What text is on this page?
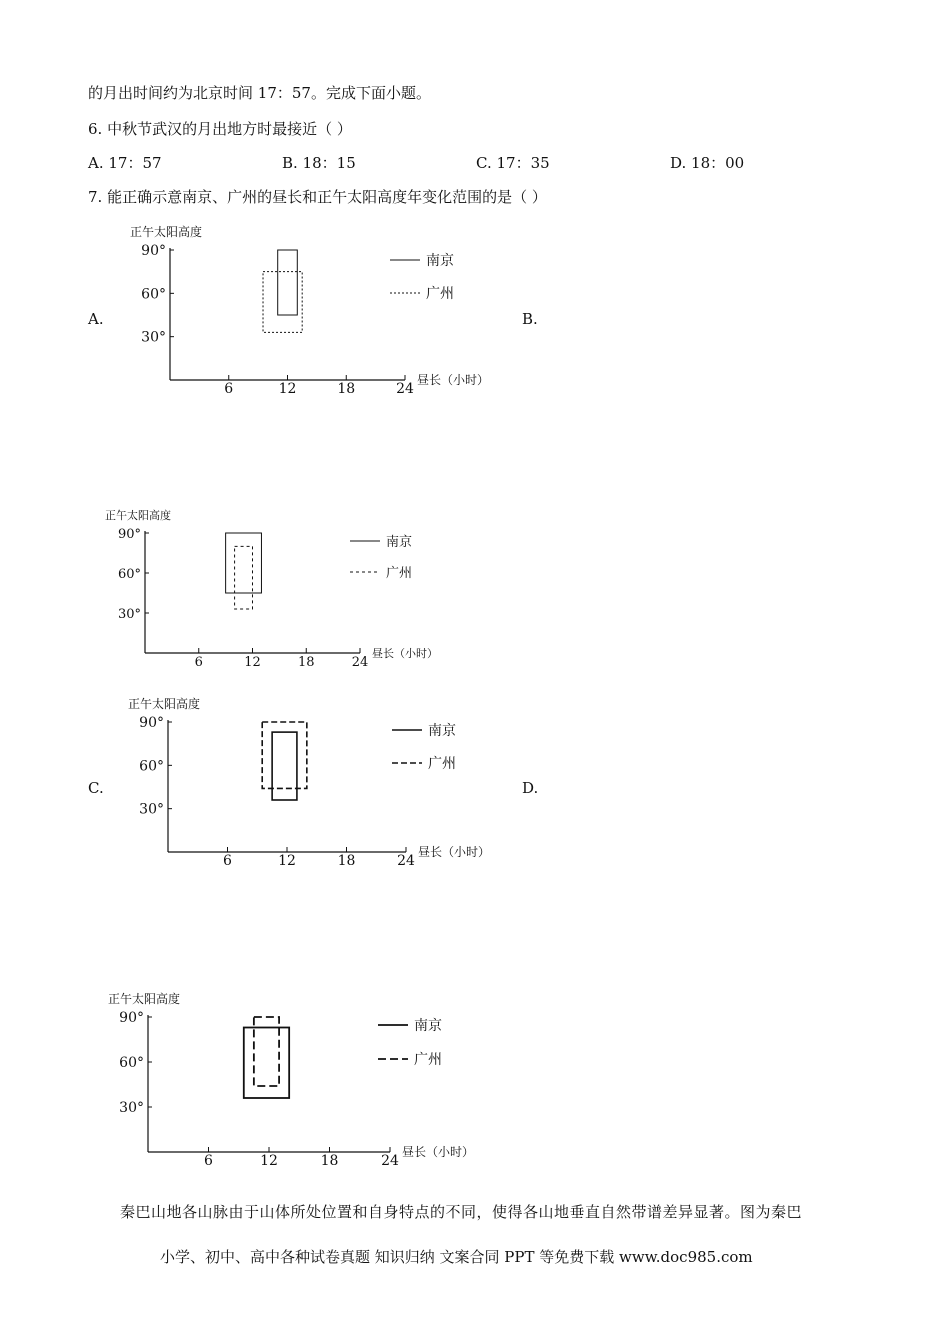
的月出时间约为北京时间 17：57。完成下面小题。
6. 中秋节武汉的月出地方时最接近（ ）
A. 17：57	B. 18：15	C. 17：35	D. 18：00
7. 能正确示意南京、广州的昼长和正午太阳高度年变化范围的是（ ）
A.	B.
C.	D.
正午太阳高度
30°
60°
90°
6	12	18	24
昼长（小时）
南京
广州
正午太阳高度
30°
60°
90°
6	12	18	24
昼长（小时）
南京
广州
正午太阳高度
30°
60°
90°
6	12	18	24
昼长（小时）
南京
广州
正午太阳高度
30°
60°
90°
6	12	18	24
昼长（小时）
南京
广州
秦巴山地各山脉由于山体所处位置和自身特点的不同，使得各山地垂直自然带谱差异显著。图为秦巴
小学、初中、高中各种试卷真题 知识归纳 文案合同 PPT 等免费下载 www.doc985.com
